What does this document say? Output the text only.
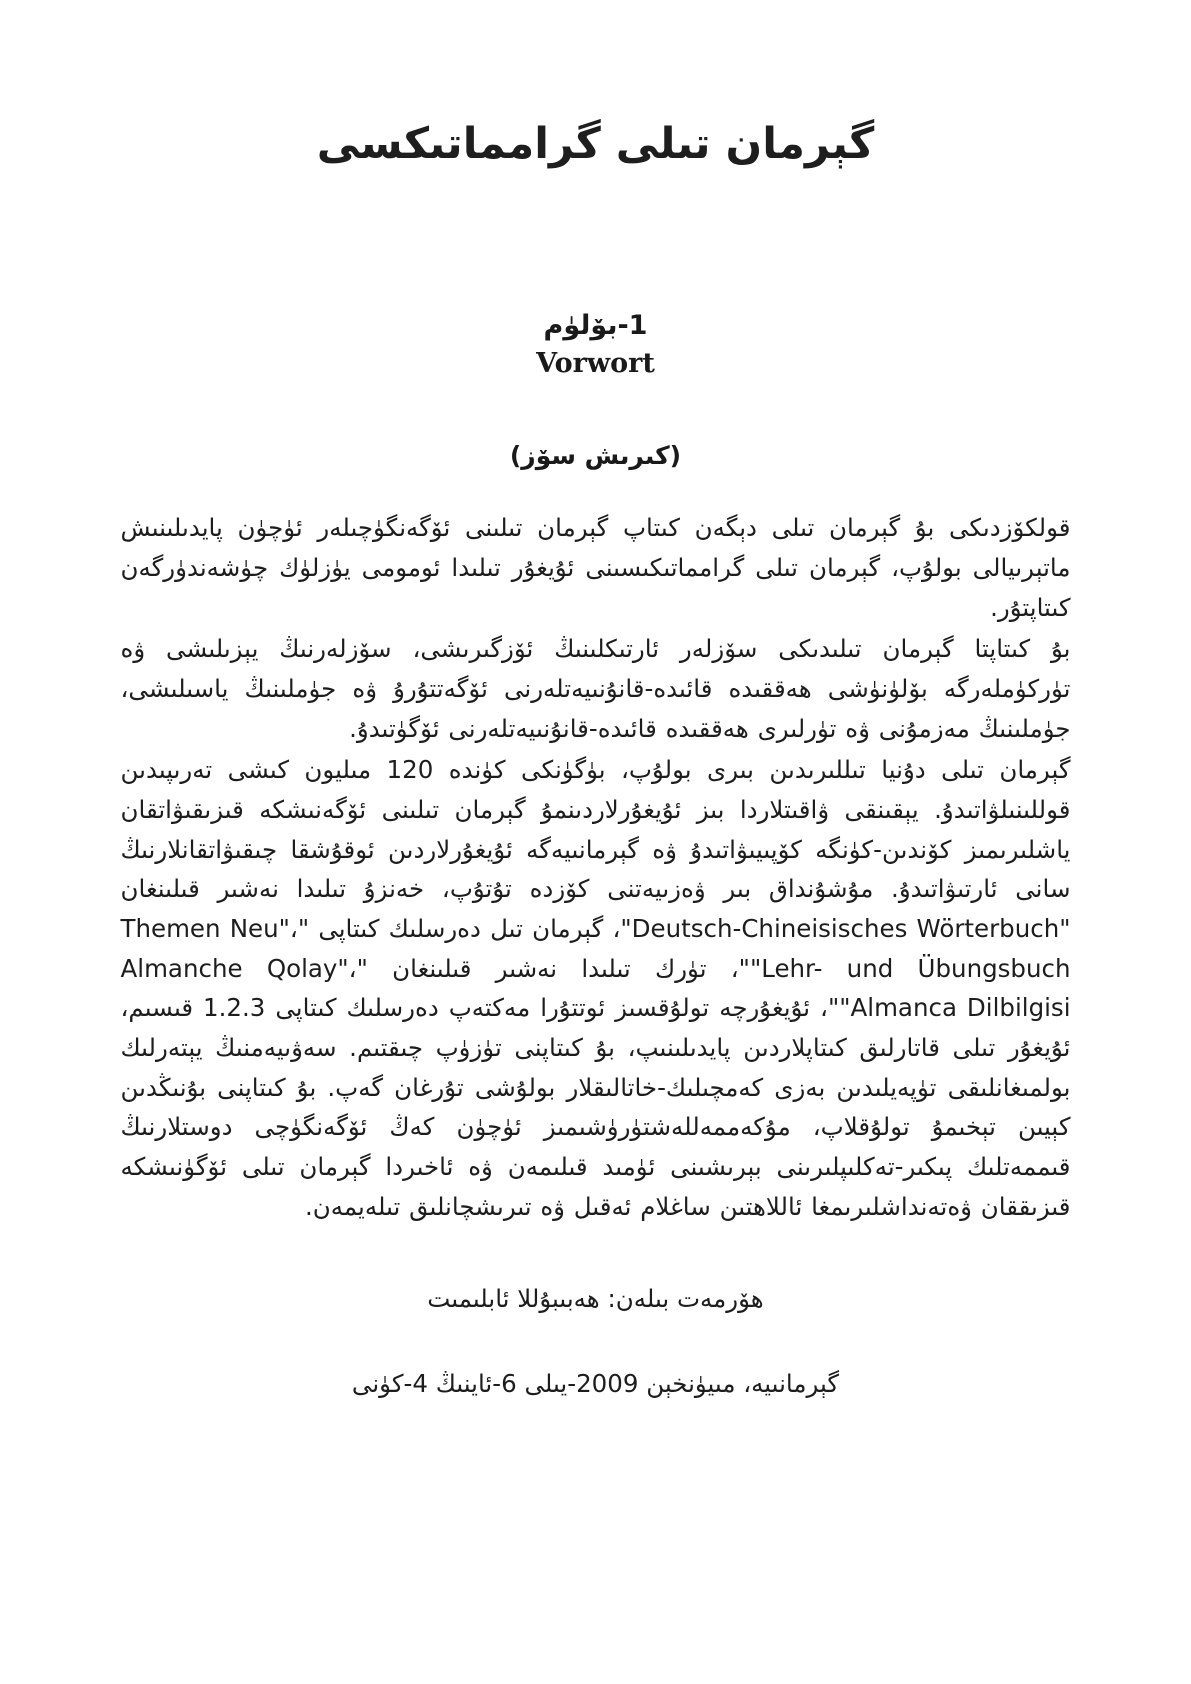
گېرمان تىلى گرامماتىكسى
1-بۆلۈم
Vorwort
(كىرىش سۆز)

قولكۆزدىكى بۇ گېرمان تىلى دېگەن كىتاپ گېرمان تىلىنى ئۆگەنگۈچىلەر ئۈچۈن پايدىلىنىش ماتېرىيالى بولۇپ، گېرمان تىلى گرامماتىكىسىنى ئۇيغۇر تىلىدا ئومومى يۈزلۈك چۈشەندۈرگەن كىتاپتۇر.

بۇ كىتاپتا گېرمان تىلىدىكى سۆزلەر ئارتىكلىنىڭ ئۆزگىرىشى، سۆزلەرنىڭ يېزىلىشى ۋە تۈركۈملەرگە بۆلۈنۈشى ھەققىدە قائىدە-قانۇنىيەتلەرنى ئۆگەتتۇرۇ ۋە جۈملىنىڭ ياسىلىشى، جۈملىنىڭ مەزمۇنى ۋە تۈرلىرى ھەققىدە قائىدە-قانۇنىيەتلەرنى ئۆگۈتىدۇ.

گېرمان تىلى دۇنيا تىللىرىدىن بىرى بولۇپ، بۈگۈنكى كۈندە 120 مىليون كىشى تەرىپىدىن قوللىنىلۋاتىدۇ. يېقىنقى ۋاقىتلاردا بىز ئۇيغۇرلاردىنمۇ گېرمان تىلىنى ئۆگەنىشكە قىزىقىۋاتقان ياشلىرىمىز كۆندىن-كۈنگە كۆپىيىۋاتىدۇ ۋە گېرمانىيەگە ئۇيغۇرلاردىن ئوقۇشقا چىقىۋاتقانلارنىڭ سانى ئارتىۋاتىدۇ. مۇشۇنداق بىر ۋەزىيەتنى كۆزدە تۇتۇپ، خەنزۇ تىلىدا نەشىر قىلىنغان "Deutsch-Chineisisches Wörterbuch"، گېرمان تىل دەرسلىك كىتاپى "Themen Neu"، "Lehr- und Übungsbuch"، تۈرك تىلىدا نەشىر قىلىنغان "Almanche Qolay"، "Almanca Dilbilgisi"، ئۇيغۇرچە تولۇقسىز ئوتتۇرا مەكتەپ دەرسلىك كىتاپى 1.2.3 قىسىم، ئۇيغۇر تىلى قاتارلىق كىتاپلاردىن پايدىلىنىپ، بۇ كىتاپنى تۈزۈپ چىقتىم. سەۋىيەمنىڭ يېتەرلىك بولمىغانلىقى تۈپەيلىدىن بەزى كەمچىلىك-خاتالىقلار بولۇشى تۇرغان گەپ. بۇ كىتاپنى بۇنىڭدىن كېيىن تېخىمۇ تولۇقلاپ، مۇكەممەللەشتۈرۈشىمىز ئۈچۈن كەڭ ئۆگەنگۈچى دوستلارنىڭ قىممەتلىك پىكىر-تەكلىپلىرىنى بېرىشىنى ئۈمىد قىلىمەن ۋە ئاخىردا گېرمان تىلى ئۆگۈنىشكە قىزىققان ۋەتەنداشلىرىمغا ئاللاھتىن ساغلام ئەقىل ۋە تىرىشچانلىق تىلەيمەن.

ھۆرمەت بىلەن: ھەبىبۇللا ئابلىمىت
گېرمانىيە، مىيۈنخېن 2009-يىلى 6-ئاينىڭ 4-كۈنى
